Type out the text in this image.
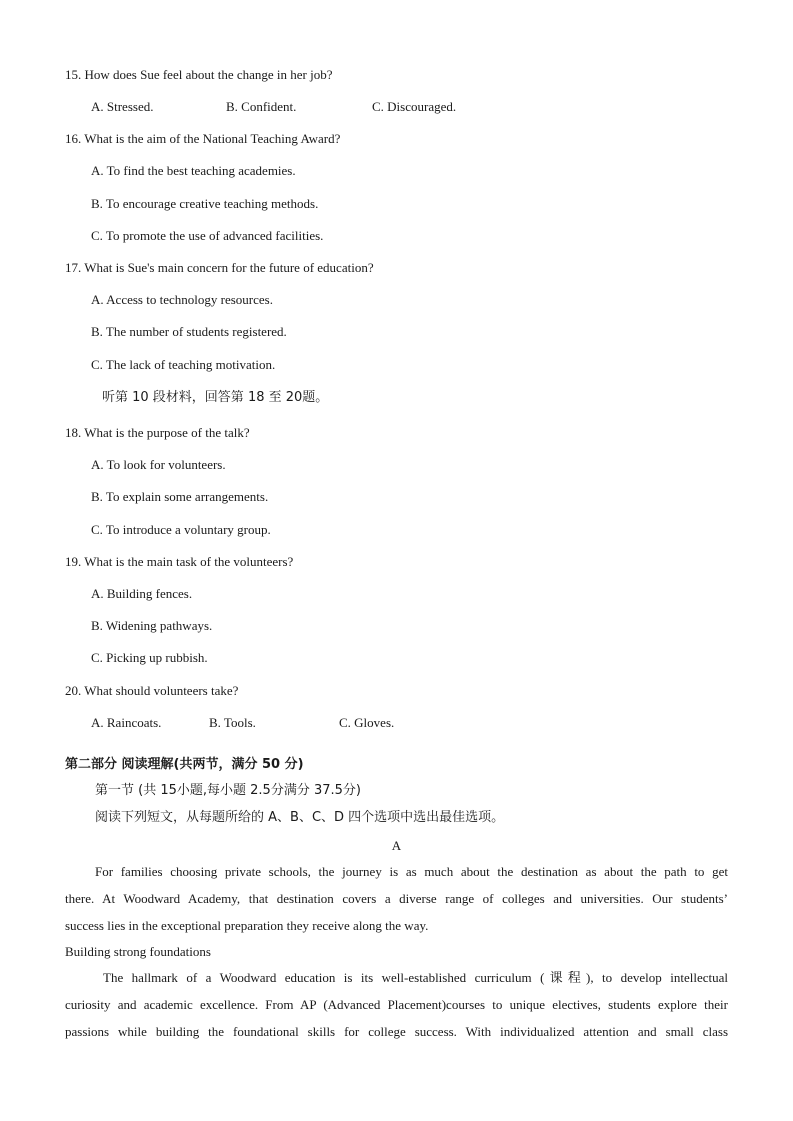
15. How does Sue feel about the change in her job?
A. Stressed.	B. Confident.	C. Discouraged.
16. What is the aim of the National Teaching Award?
A. To find the best teaching academies.
B. To encourage creative teaching methods.
C. To promote the use of advanced facilities.
17. What is Sue's main concern for the future of education?
A. Access to technology resources.
B. The number of students registered.
C. The lack of teaching motivation.
听第 10 段材料，回答第 18 至 20题。
18. What is the purpose of the talk?
A. To look for volunteers.
B. To explain some arrangements.
C. To introduce a voluntary group.
19. What is the main task of the volunteers?
A. Building fences.
B. Widening pathways.
C. Picking up rubbish.
20. What should volunteers take?
A. Raincoats.	B. Tools.	C. Gloves.
第二部分 阅读理解(共两节，满分 50 分)
第一节 (共 15小题,每小题 2.5分满分 37.5分)
阅读下列短文，从每题所给的 A、B、C、D 四个选项中选出最佳选项。
A
For families choosing private schools, the journey is as much about the destination as about the path to get
there. At Woodward Academy, that destination covers a diverse range of colleges and universities. Our students’
success lies in the exceptional preparation they receive along the way.
Building strong foundations
The hallmark of a Woodward education is its well-established curriculum (课程), to develop intellectual
curiosity and academic excellence. From AP (Advanced Placement)courses to unique electives, students explore their
passions while building the foundational skills for college success. With individualized attention and small class
